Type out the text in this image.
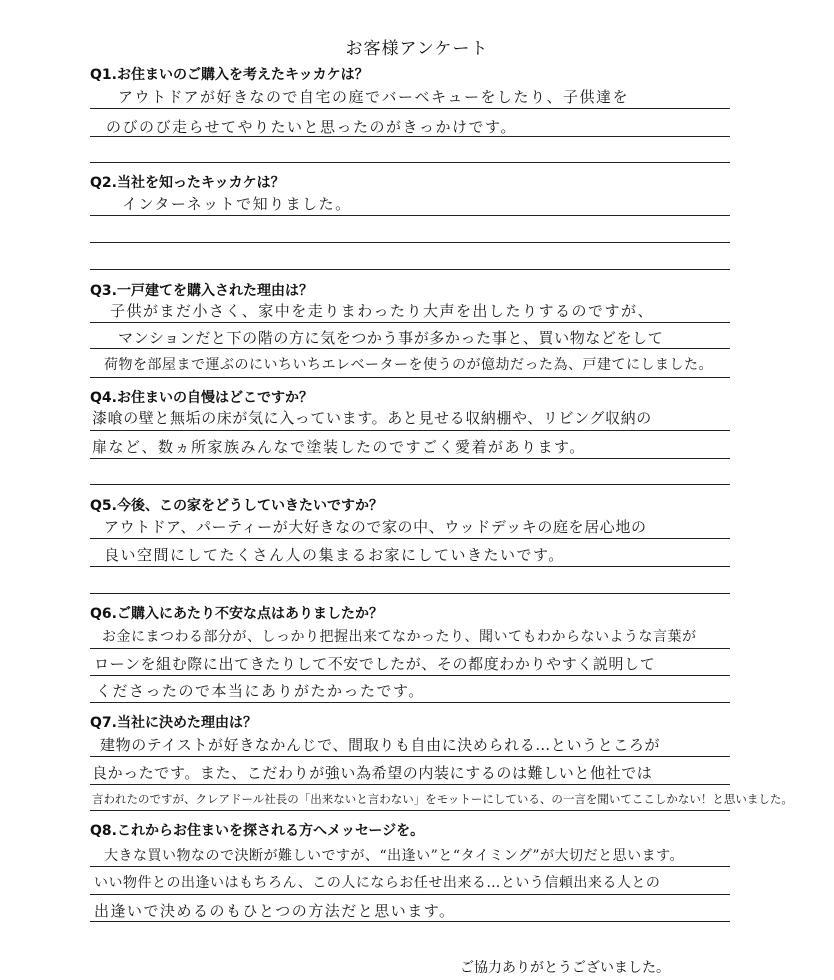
お客様アンケート
Q1.お住まいのご購入を考えたキッカケは？
アウトドアが好きなので自宅の庭でバーベキューをしたり、子供達を
のびのび走らせてやりたいと思ったのがきっかけです。
Q2.当社を知ったキッカケは？
インターネットで知りました。
Q3.一戸建てを購入された理由は？
子供がまだ小さく、家中を走りまわったり大声を出したりするのですが、
マンションだと下の階の方に気をつかう事が多かった事と、買い物などをして
荷物を部屋まで運ぶのにいちいちエレベーターを使うのが億劫だった為、戸建てにしました。
Q4.お住まいの自慢はどこですか？
漆喰の壁と無垢の床が気に入っています。あと見せる収納棚や、リビング収納の
扉など、数ヵ所家族みんなで塗装したのですごく愛着があります。
Q5.今後、この家をどうしていきたいですか？
アウトドア、パーティーが大好きなので家の中、ウッドデッキの庭を居心地の
良い空間にしてたくさん人の集まるお家にしていきたいです。
Q6.ご購入にあたり不安な点はありましたか？
お金にまつわる部分が、しっかり把握出来てなかったり、聞いてもわからないような言葉が
ローンを組む際に出てきたりして不安でしたが、その都度わかりやすく説明して
くださったので本当にありがたかったです。
Q7.当社に決めた理由は？
建物のテイストが好きなかんじで、間取りも自由に決められる…というところが
良かったです。また、こだわりが強い為希望の内装にするのは難しいと他社では
言われたのですが、クレアドール社長の「出来ないと言わない」をモットーにしている、の一言を聞いてここしかない！と思いました。
Q8.これからお住まいを探される方へメッセージを。
大きな買い物なので決断が難しいですが、“出逢い”と“タイミング”が大切だと思います。
いい物件との出逢いはもちろん、この人にならお任せ出来る…という信頼出来る人との
出逢いで決めるのもひとつの方法だと思います。
ご協力ありがとうございました。
